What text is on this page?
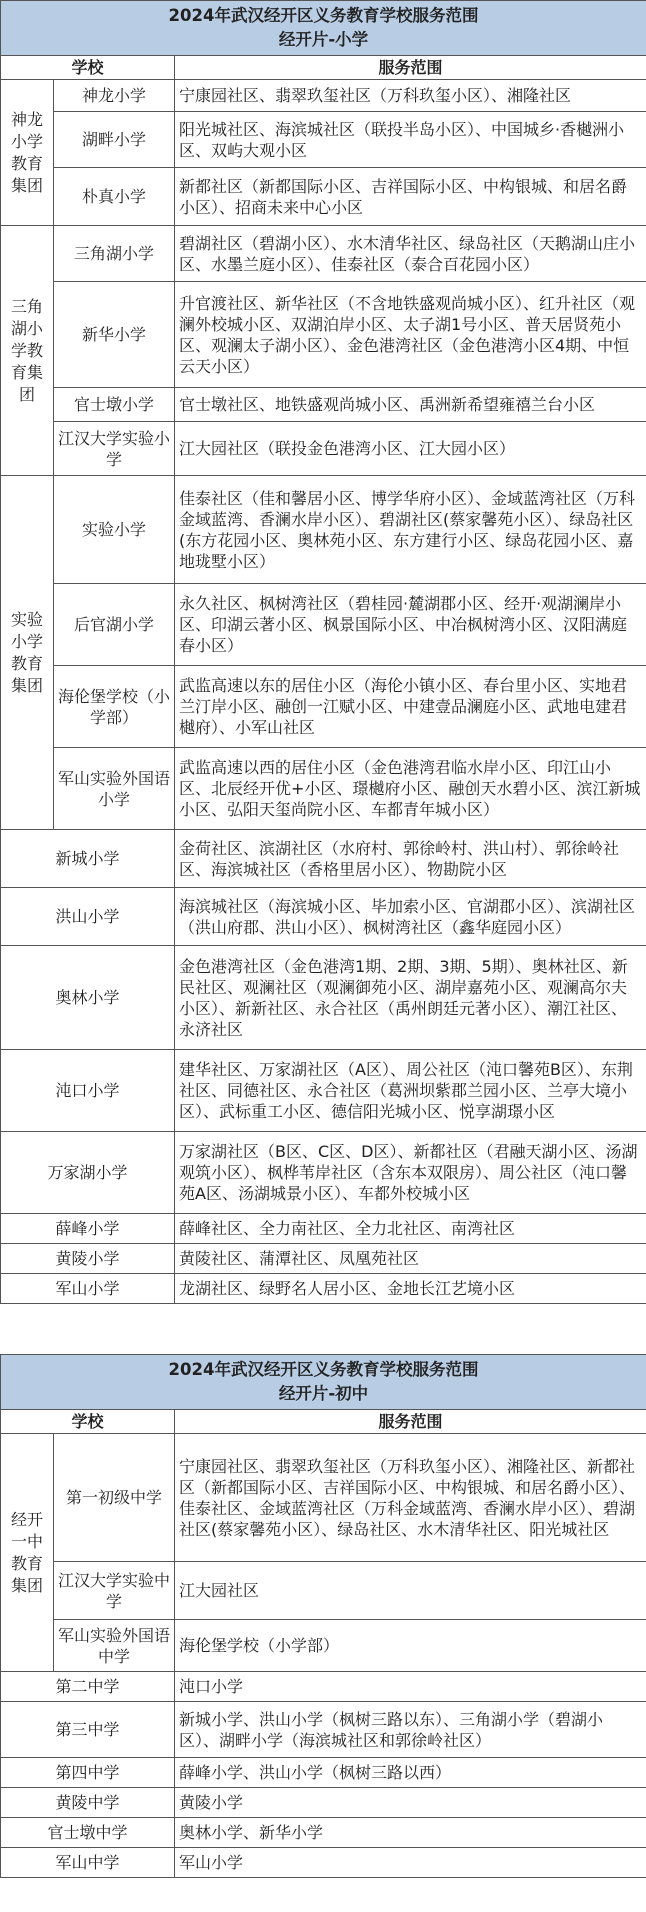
2024年武汉经开区义务教育学校服务范围
经开片-小学		

学校		服务范围
神龙小学教育集团	神龙小学	宁康园社区、翡翠玖玺社区（万科玖玺小区）、湘隆社区
	湖畔小学	阳光城社区、海滨城社区（联投半岛小区）、中国城乡·香樾洲小区、双屿大观小区
	朴真小学	新都社区（新都国际小区、吉祥国际小区、中构银城、和居名爵小区）、招商未来中心小区
三角湖小学教育集团	三角湖小学	碧湖社区（碧湖小区）、水木清华社区、绿岛社区（天鹅湖山庄小区、水墨兰庭小区）、佳泰社区（泰合百花园小区）
	新华小学	升官渡社区、新华社区（不含地铁盛观尚城小区）、红升社区（观澜外校城小区、双湖泊岸小区、太子湖1号小区、普天居贤苑小区、观澜太子湖小区）、金色港湾社区（金色港湾小区4期、中恒云天小区）
	官士墩小学	官士墩社区、地铁盛观尚城小区、禹洲新希望雍禧兰台小区
	江汉大学实验小学	江大园社区（联投金色港湾小区、江大园小区）
实验小学教育集团	实验小学	佳泰社区（佳和馨居小区、博学华府小区）、金域蓝湾社区（万科金域蓝湾、香澜水岸小区）、碧湖社区(蔡家馨苑小区）、绿岛社区(东方花园小区、奥林苑小区、东方建行小区、绿岛花园小区、嘉地珑墅小区）
	后官湖小学	永久社区、枫树湾社区（碧桂园·麓湖郡小区、经开·观湖澜岸小区、印湖云著小区、枫景国际小区、中冶枫树湾小区、汉阳满庭春小区）
	海伦堡学校（小学部）	武监高速以东的居住小区（海伦小镇小区、春台里小区、实地君兰汀岸小区、融创一江赋小区、中建壹品澜庭小区、武地电建君樾府）、小军山社区
	军山实验外国语小学	武监高速以西的居住小区（金色港湾君临水岸小区、印江山小区、北辰经开优+小区、璟樾府小区、融创天水碧小区、滨江新城小区、弘阳天玺尚院小区、车都青年城小区）
新城小学		金荷社区、滨湖社区（水府村、郭徐岭村、洪山村）、郭徐岭社区、海滨城社区（香格里居小区）、物勘院小区
洪山小学		海滨城社区（海滨城小区、毕加索小区、官湖郡小区）、滨湖社区（洪山府郡、洪山小区）、枫树湾社区（鑫华庭园小区）
奥林小学		金色港湾社区（金色港湾1期、2期、3期、5期）、奥林社区、新民社区、观澜社区（观澜御苑小区、湖岸嘉苑小区、观澜高尔夫小区）、新新社区、永合社区（禹州朗廷元著小区）、潮江社区、永济社区
沌口小学		建华社区、万家湖社区（A区）、周公社区（沌口馨苑B区）、东荆社区、同德社区、永合社区（葛洲坝紫郡兰园小区、兰亭大境小区）、武标重工小区、德信阳光城小区、悦享湖璟小区
万家湖小学		万家湖社区（B区、C区、D区）、新都社区（君融天湖小区、汤湖观筑小区）、枫桦苇岸社区（含东本双限房）、周公社区（沌口馨苑A区、汤湖城景小区）、车都外校城小区
薛峰小学		薛峰社区、全力南社区、全力北社区、南湾社区
黄陵小学		黄陵社区、蒲潭社区、凤凰苑社区
军山小学		龙湖社区、绿野名人居小区、金地长江艺境小区
2024年武汉经开区义务教育学校服务范围
经开片-初中		

学校		服务范围
经开一中教育集团	第一初级中学	宁康园社区、翡翠玖玺社区（万科玖玺小区）、湘隆社区、新都社区（新都国际小区、吉祥国际小区、中构银城、和居名爵小区）、佳泰社区、金域蓝湾社区（万科金域蓝湾、香澜水岸小区）、碧湖社区(蔡家馨苑小区）、绿岛社区、水木清华社区、阳光城社区
	江汉大学实验中学	江大园社区
	军山实验外国语中学	海伦堡学校（小学部）
第二中学		沌口小学
第三中学		新城小学、洪山小学（枫树三路以东）、三角湖小学（碧湖小区）、湖畔小学（海滨城社区和郭徐岭社区）
第四中学		薛峰小学、洪山小学（枫树三路以西）
黄陵中学		黄陵小学
官士墩中学		奥林小学、新华小学
军山中学		军山小学
